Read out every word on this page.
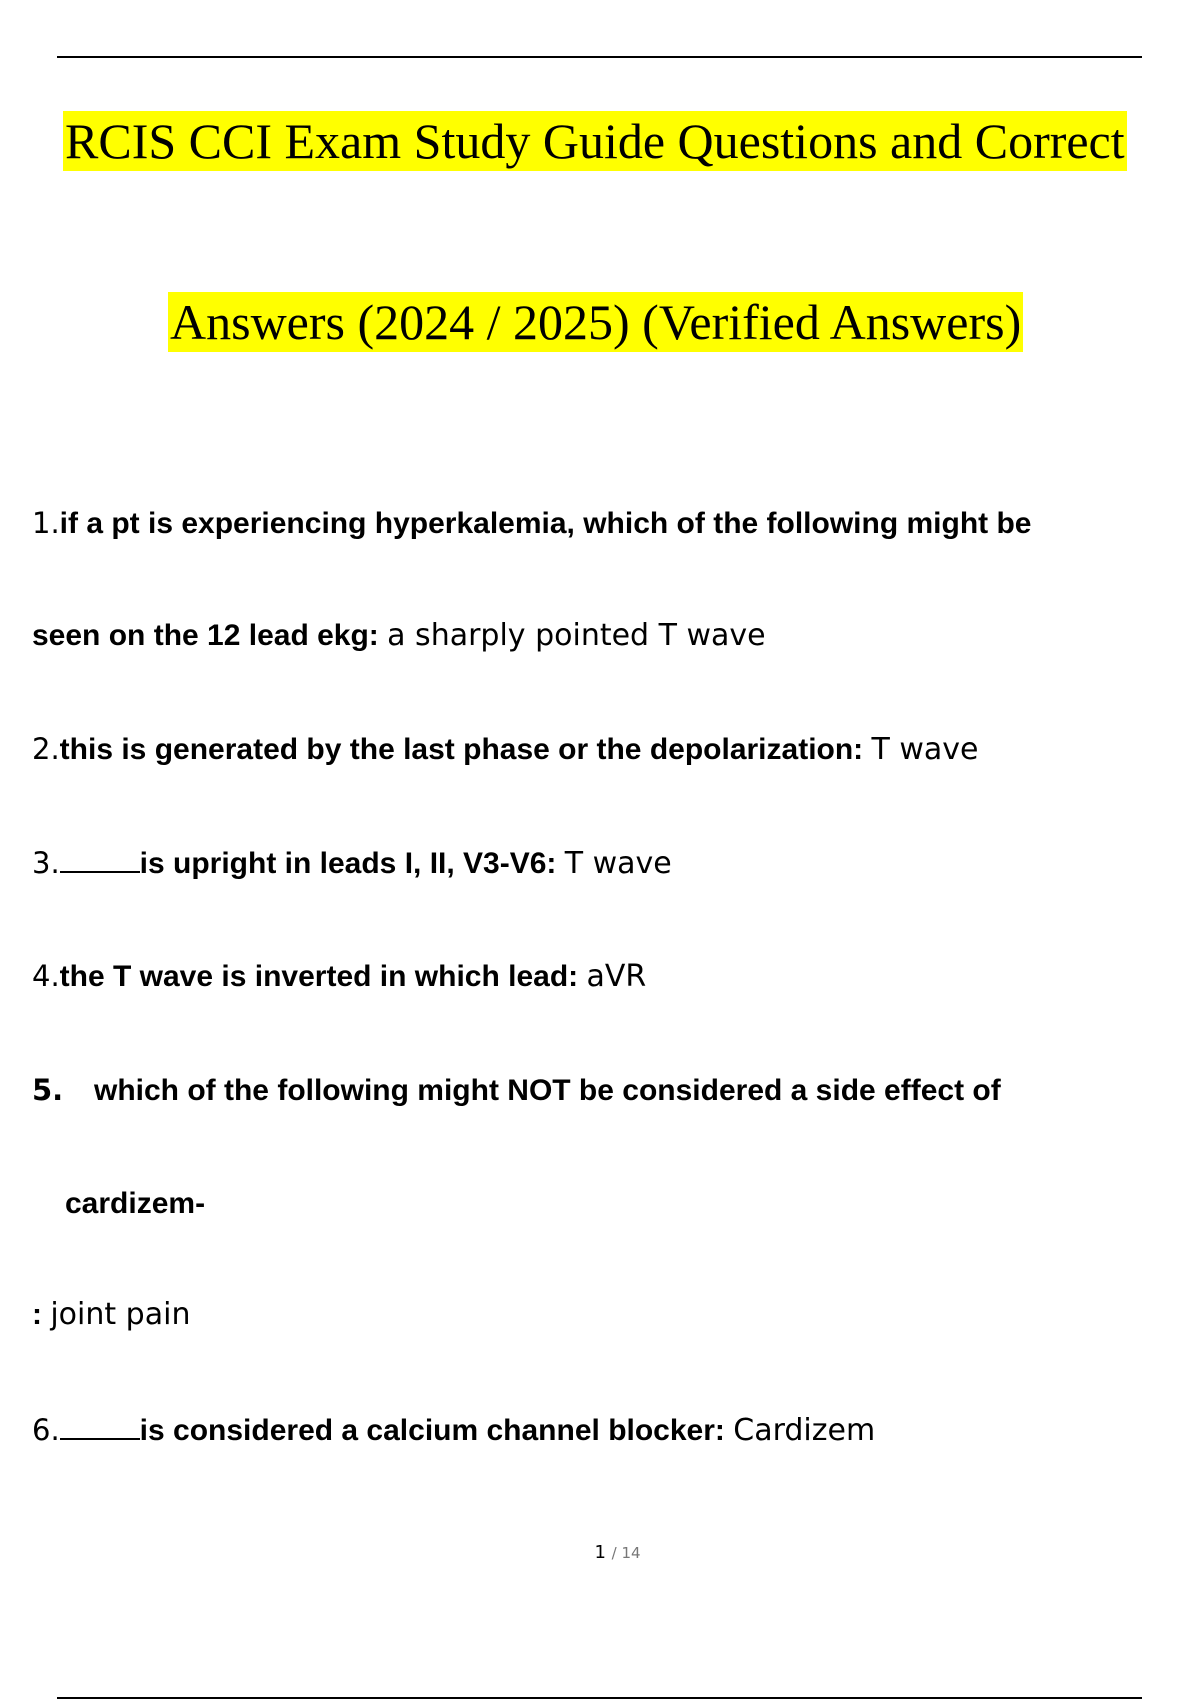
RCIS CCI Exam Study Guide Questions and Correct
Answers (2024 / 2025) (Verified Answers)
1.if a pt is experiencing hyperkalemia, which of the following might be
seen on the 12 lead ekg: a sharply pointed T wave
2.this is generated by the last phase or the depolarization: T wave
3.	is upright in leads I, II, V3-V6: T wave
4.the T wave is inverted in which lead: aVR
5. which of the following might NOT be considered a side effect of
cardizem-
: joint pain
6.	is considered a calcium channel blocker: Cardizem
1 / 14
